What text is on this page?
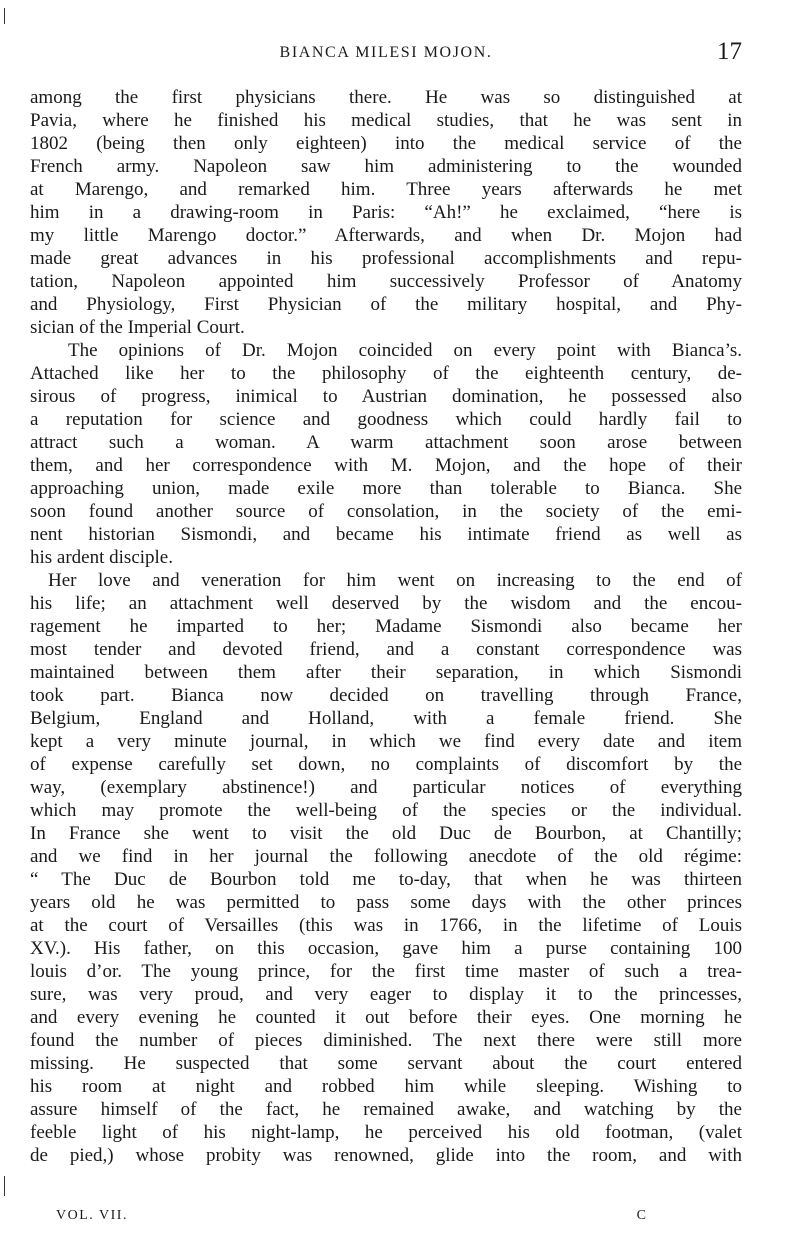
BIANCA MILESI MOJON.	17
among the first physicians there. He was so distinguished at
Pavia, where he finished his medical studies, that he was sent in
1802 (being then only eighteen) into the medical service of the
French army. Napoleon saw him administering to the wounded
at Marengo, and remarked him. Three years afterwards he met
him in a drawing-room in Paris: “Ah!” he exclaimed, “here is
my little Marengo doctor.” Afterwards, and when Dr. Mojon had
made great advances in his professional accomplishments and repu-
tation, Napoleon appointed him successively Professor of Anatomy
and Physiology, First Physician of the military hospital, and Phy-
sician of the Imperial Court.
The opinions of Dr. Mojon coincided on every point with Bianca’s.
Attached like her to the philosophy of the eighteenth century, de-
sirous of progress, inimical to Austrian domination, he possessed also
a reputation for science and goodness which could hardly fail to
attract such a woman. A warm attachment soon arose between
them, and her correspondence with M. Mojon, and the hope of their
approaching union, made exile more than tolerable to Bianca. She
soon found another source of consolation, in the society of the emi-
nent historian Sismondi, and became his intimate friend as well as
his ardent disciple.
Her love and veneration for him went on increasing to the end of
his life; an attachment well deserved by the wisdom and the encou-
ragement he imparted to her; Madame Sismondi also became her
most tender and devoted friend, and a constant correspondence was
maintained between them after their separation, in which Sismondi
took part. Bianca now decided on travelling through France,
Belgium, England and Holland, with a female friend. She
kept a very minute journal, in which we find every date and item
of expense carefully set down, no complaints of discomfort by the
way, (exemplary abstinence!) and particular notices of everything
which may promote the well-being of the species or the individual.
In France she went to visit the old Duc de Bourbon, at Chantilly;
and we find in her journal the following anecdote of the old régime:
“ The Duc de Bourbon told me to-day, that when he was thirteen
years old he was permitted to pass some days with the other princes
at the court of Versailles (this was in 1766, in the lifetime of Louis
XV.). His father, on this occasion, gave him a purse containing 100
louis d’or. The young prince, for the first time master of such a trea-
sure, was very proud, and very eager to display it to the princesses,
and every evening he counted it out before their eyes. One morning he
found the number of pieces diminished. The next there were still more
missing. He suspected that some servant about the court entered
his room at night and robbed him while sleeping. Wishing to
assure himself of the fact, he remained awake, and watching by the
feeble light of his night-lamp, he perceived his old footman, (valet
de pied,) whose probity was renowned, glide into the room, and with
VOL. VII.	C
